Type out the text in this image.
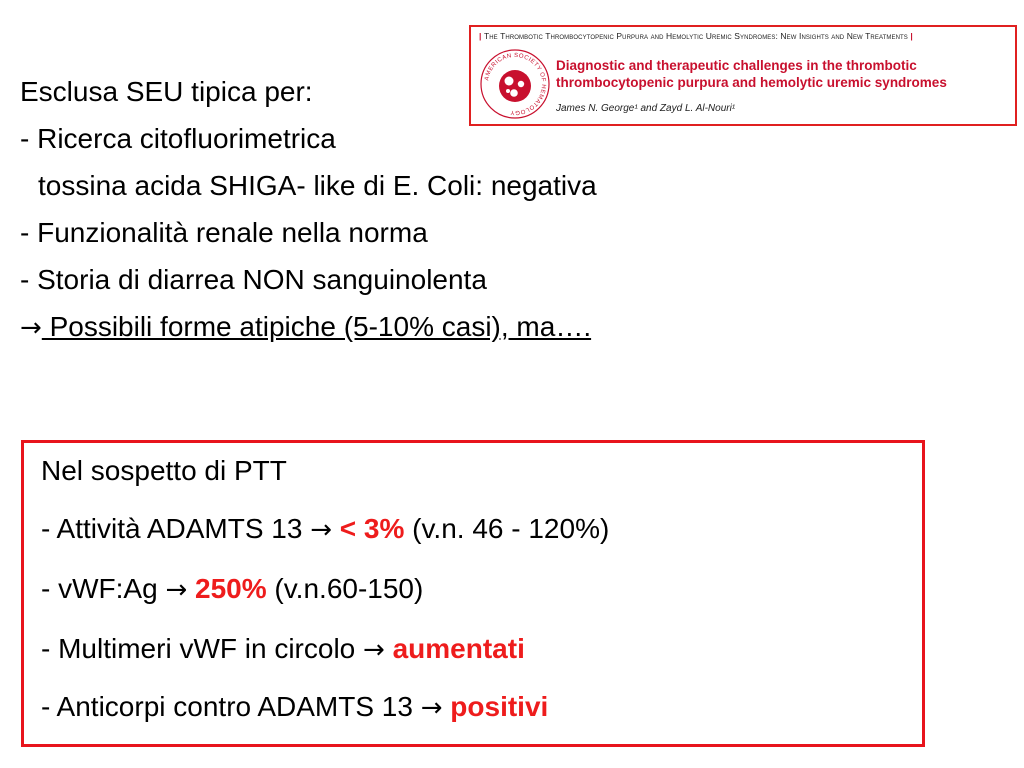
Esclusa SEU tipica per:
- Ricerca citofluorimetrica
tossina acida SHIGA- like di E. Coli: negativa
- Funzionalità renale nella norma
- Storia di diarrea NON sanguinolenta
→ Possibili forme atipiche (5-10% casi), ma….
| The Thrombotic Thrombocytopenic Purpura and Hemolytic Uremic Syndromes: New Insights and New Treatments |
AMERICAN SOCIETY OF HEMATOLOGY
Diagnostic and therapeutic challenges in the thrombotic
thrombocytopenic purpura and hemolytic uremic syndromes
James N. George¹ and Zayd L. Al-Nouri¹
Nel sospetto di PTT
- Attività ADAMTS 13 → < 3% (v.n. 46 - 120%)
- vWF:Ag → 250% (v.n.60-150)
- Multimeri vWF in circolo → aumentati
- Anticorpi contro ADAMTS 13 → positivi
